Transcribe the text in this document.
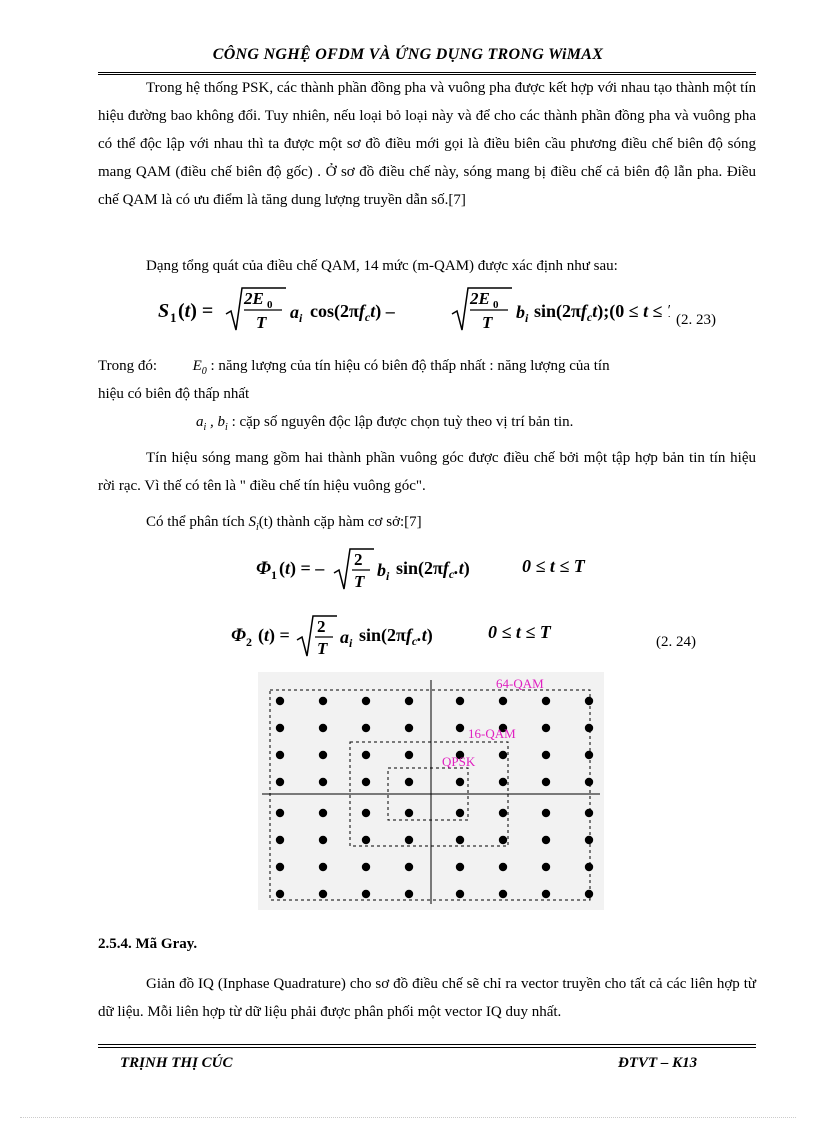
CÔNG NGHỆ OFDM VÀ ỨNG DỤNG TRONG WiMAX

Trong hệ thống PSK, các thành phần đồng pha và vuông pha được kết hợp với nhau tạo thành một tín hiệu đường bao không đổi. Tuy nhiên, nếu loại bỏ loại này và để cho các thành phần đồng pha và vuông pha có thể độc lập với nhau thì ta được một sơ đồ điều mới gọi là điều biên cầu phương điều chế biên độ sóng mang QAM (điều chế biên độ gốc) . Ở sơ đồ điều chế này, sóng mang bị điều chế cả biên độ lẫn pha. Điều chế QAM là có ưu điểm là tăng dung lượng truyền dẫn số.[7]

Dạng tổng quát của điều chế QAM, 14 mức (m-QAM) được xác định như sau:

S 1 (t) =
2E 0
T
$a_i$ $\cos(2\pi f_ct)$ –
2E 0
T
$b_i$ $\sin(2\pi f_ct);(0 \le t \le (2$. 23)
Trong đó: $E_0$ : năng lượng của tín hiệu có biên độ thấp nhất : năng lượng của tín
hiệu có biên độ thấp nhất
$a_i$ , $b_i$ : cặp số nguyên độc lập được chọn tuỳ theo vị trí bản tin.

Tín hiệu sóng mang gồm hai thành phần vuông góc được điều chế bởi một tập hợp bản tin tín hiệu rời rạc. Vì thế có tên là " điều chế tín hiệu vuông góc".

Có thể phân tích $S_i(t)$ thành cặp hàm cơ sở:[7]

Φ 1 (t) = – 2
T
$b_i$ $\sin(2\pi f_c.t)$	0 ≤ t ≤ T
Φ 2 (t) = 2
T
$a_i$ $\sin(2\pi f_c.t)$	0 ≤ t ≤ T	(2. 24)
64-QAM
16-QAM
QPSK
2.5.4. Mã Gray.

Giản đồ IQ (Inphase Quadrature) cho sơ đồ điều chế sẽ chỉ ra vector truyền cho tất cả các liên hợp từ dữ liệu. Mỗi liên hợp từ dữ liệu phải được phân phối một vector IQ duy nhất.

TRỊNH THỊ CÚC	ĐTVT – K13
